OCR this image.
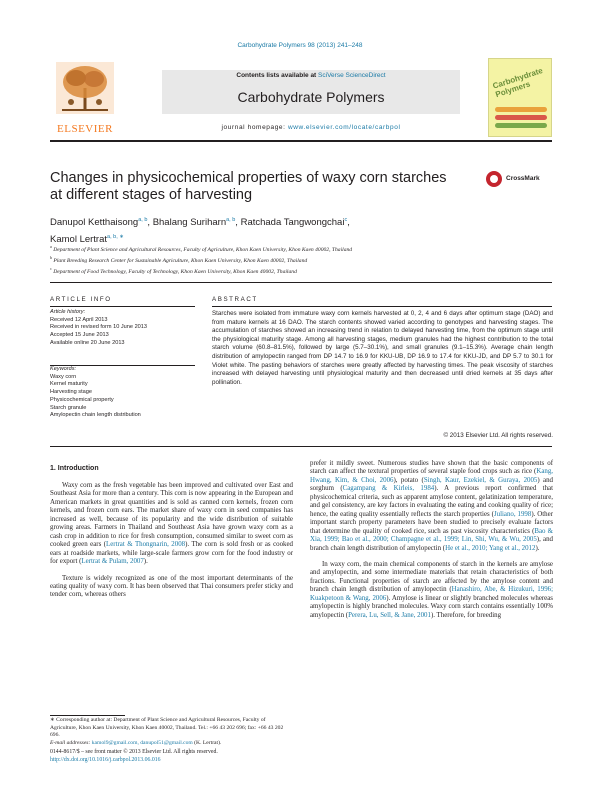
Carbohydrate Polymers 98 (2013) 241–248
ELSEVIER
Contents lists available at SciVerse ScienceDirect
Carbohydrate Polymers
journal homepage: www.elsevier.com/locate/carbpol
Carbohydrate Polymers
Changes in physicochemical properties of waxy corn starches at different stages of harvesting
CrossMark
Danupol Ketthaisong$^{a, b}$, Bhalang Suriharn$^{a, b}$, Ratchada Tangwongchai$^c$,
Kamol Lertrat$^{a, b, ∗}$
$^a$ Department of Plant Science and Agricultural Resources, Faculty of Agriculture, Khon Kaen University, Khon Kaen 40002, Thailand
$^b$ Plant Breeding Research Center for Sustainable Agriculture, Khon Kaen University, Khon Kaen 40002, Thailand
$^c$ Department of Food Technology, Faculty of Technology, Khon Kaen University, Khon Kaen 40002, Thailand
ARTICLE INFO	ABSTRACT
Article history:
Received 12 April 2013
Received in revised form 10 June 2013
Accepted 15 June 2013
Available online 20 June 2013
Keywords:
Waxy corn
Kernel maturity
Harvesting stage
Physicochemical property
Starch granule
Amylopectin chain length distribution
Starches were isolated from immature waxy corn kernels harvested at 0, 2, 4 and 6 days after optimum stage (DAO) and from mature kernels at 16 DAO. The starch contents showed varied according to genotypes and harvesting stages. The accumulation of starches showed an increasing trend in relation to delayed harvesting time, from the optimum stage until the physiological maturity stage. Among all harvesting stages, medium granules had the highest contribution to the total starch volume (60.8–81.5%), followed by large (5.7–30.1%), and small granules (9.1–15.3%). Average chain length distribution of amylopectin ranged from DP 14.7 to 16.9 for KKU-UB, DP 16.9 to 17.4 for KKU-JD, and DP 5.7 to 30.1 for Violet white. The pasting behaviors of starches were greatly affected by harvesting times. The peak viscosity of starches increased with delayed harvesting until physiological maturity and then decreased until dried kernels at 35 days after pollination.
© 2013 Elsevier Ltd. All rights reserved.
1. Introduction

Waxy corn as the fresh vegetable has been improved and cultivated over East and Southeast Asia for more than a century. This corn is now appearing in the European and American markets in great quantities and is sold as canned corn kernels, frozen corn kernels, and frozen corn ears. The market share of waxy corn in seed companies has increased as well, because of its popularity and the wide distribution of suitable growing areas. Farmers in Thailand and Southeast Asia have grown waxy corn as a cash crop in addition to rice for fresh consumption, consumed similar to sweet corn as cooked green ears (Lertrat & Thongnarin, 2008). The corn is sold fresh or as cooked ears at roadside markets, while large-scale farmers grow corn for the food industry or for export (Lertrat & Pulam, 2007).

Texture is widely recognized as one of the most important determinants of the eating quality of waxy corn. It has been observed that Thai consumers prefer sticky and tender corn, whereas others

prefer it mildly sweet. Numerous studies have shown that the basic components of starch can affect the textural properties of several staple food crops such as rice (Kang, Hwang, Kim, & Choi, 2006), potato (Singh, Kaur, Ezekiel, & Guraya, 2005) and sorghum (Cagampang & Kirleis, 1984). A previous report confirmed that physicochemical criteria, such as apparent amylose content, gelatinization temperature, and gel consistency, are key factors in evaluating the eating and cooking quality of rice; hence, the eating quality essentially reflects the starch properties (Juliano, 1998). Other important starch property parameters have been studied to precisely evaluate factors that determine the quality of cooked rice, such as past viscosity characteristics (Bao & Xia, 1999; Bao et al., 2000; Champagne et al., 1999; Lin, Shi, Wu, & Wu, 2005), and branch chain length distribution of amylopectin (He et al., 2010; Yang et al., 2012).

In waxy corn, the main chemical components of starch in the kernels are amylose and amylopectin, and some intermediate materials that retain characteristics of both fractions. Functional properties of starch are affected by the amylose content and branch chain length distribution of amylopectin (Hanashiro, Abe, & Hizukuri, 1996; Kuakpetoon & Wang, 2006). Amylose is linear or slightly branched molecules whereas amylopectin is highly branched molecules. Waxy corn starch contains essentially 100% amylopectin (Perera, Lu, Sell, & Jane, 2001). Therefore, for breeding

∗ Corresponding author at: Department of Plant Science and Agricultural Resources, Faculty of Agriculture, Khon Kaen University, Khon Kaen 40002, Thailand. Tel.: +66 43 202 696; fax: +66 43 202 696.
E-mail addresses: kamol9@gmail.com, danupol51@gmail.com (K. Lertrat).
0144-8617/$ – see front matter © 2013 Elsevier Ltd. All rights reserved.
http://dx.doi.org/10.1016/j.carbpol.2013.06.016
